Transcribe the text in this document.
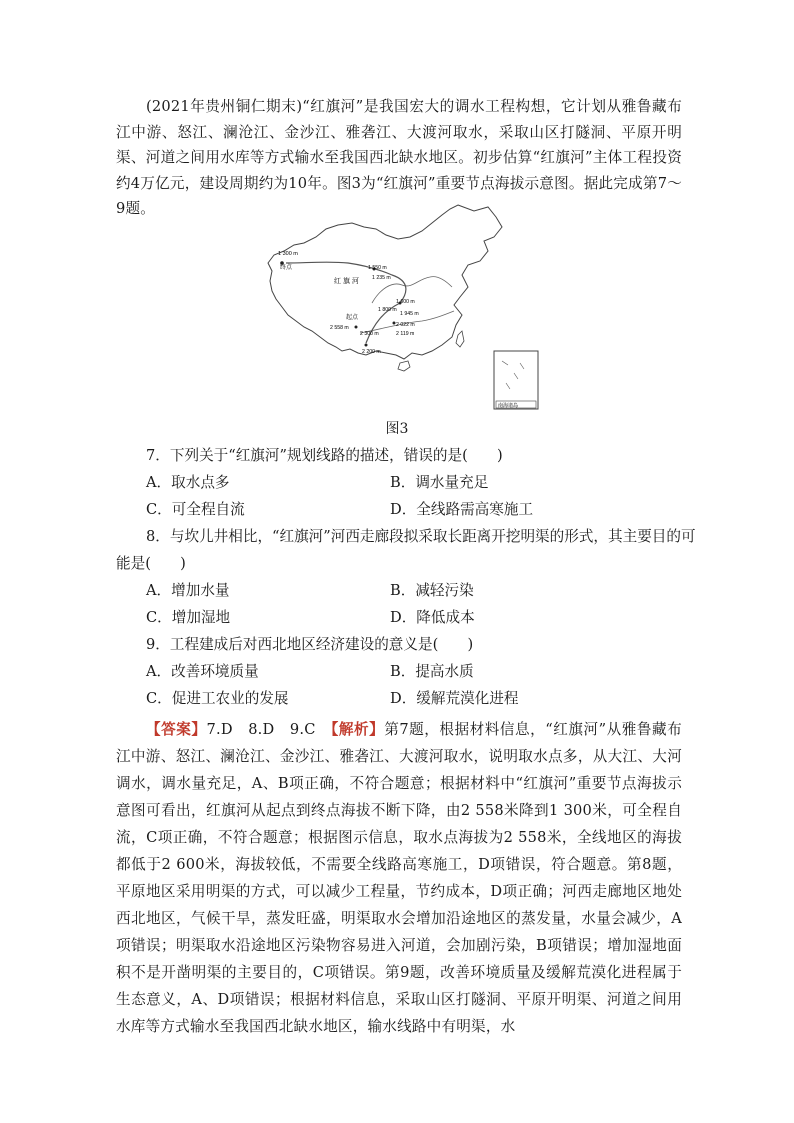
(2021年贵州铜仁期末)“红旗河”是我国宏大的调水工程构想，它计划从雅鲁藏布江中游、怒江、澜沧江、金沙江、雅砻江、大渡河取水，采取山区打隧洞、平原开明渠、河道之间用水库等方式输水至我国西北缺水地区。初步估算“红旗河”主体工程投资约4万亿元，建设周期约为10年。图3为“红旗河”重要节点海拔示意图。据此完成第7～9题。
1 300 m
终点
红 旗 河
1 550 m
1 235 m
1 600 m
1 800 m
1 945 m
2 022 m
2 119 m
起点
2 558 m
2 300 m
2 200 m
南海诸岛
图3
7．下列关于“红旗河”规划线路的描述，错误的是(　　)
A．取水点多	B．调水量充足
C．可全程自流	D．全线路需高寒施工
8．与坎儿井相比，“红旗河”河西走廊段拟采取长距离开挖明渠的形式，其主要目的可
能是(　　)
A．增加水量	B．减轻污染
C．增加湿地	D．降低成本
9．工程建成后对西北地区经济建设的意义是(　　)
A．改善环境质量	B．提高水质
C．促进工农业的发展	D．缓解荒漠化进程
【答案】7.D　8.D　9.C　【解析】第7题，根据材料信息，“红旗河”从雅鲁藏布江中游、怒江、澜沧江、金沙江、雅砻江、大渡河取水，说明取水点多，从大江、大河调水，调水量充足，A、B项正确，不符合题意；根据材料中“红旗河”重要节点海拔示意图可看出，红旗河从起点到终点海拔不断下降，由2 558米降到1 300米，可全程自流，C项正确，不符合题意；根据图示信息，取水点海拔为2 558米，全线地区的海拔都低于2 600米，海拔较低，不需要全线路高寒施工，D项错误，符合题意。第8题，平原地区采用明渠的方式，可以减少工程量，节约成本，D项正确；河西走廊地区地处西北地区，气候干旱，蒸发旺盛，明渠取水会增加沿途地区的蒸发量，水量会减少，A项错误；明渠取水沿途地区污染物容易进入河道，会加剧污染，B项错误；增加湿地面积不是开凿明渠的主要目的，C项错误。第9题，改善环境质量及缓解荒漠化进程属于生态意义，A、D项错误；根据材料信息，采取山区打隧洞、平原开明渠、河道之间用水库等方式输水至我国西北缺水地区，输水线路中有明渠，水
